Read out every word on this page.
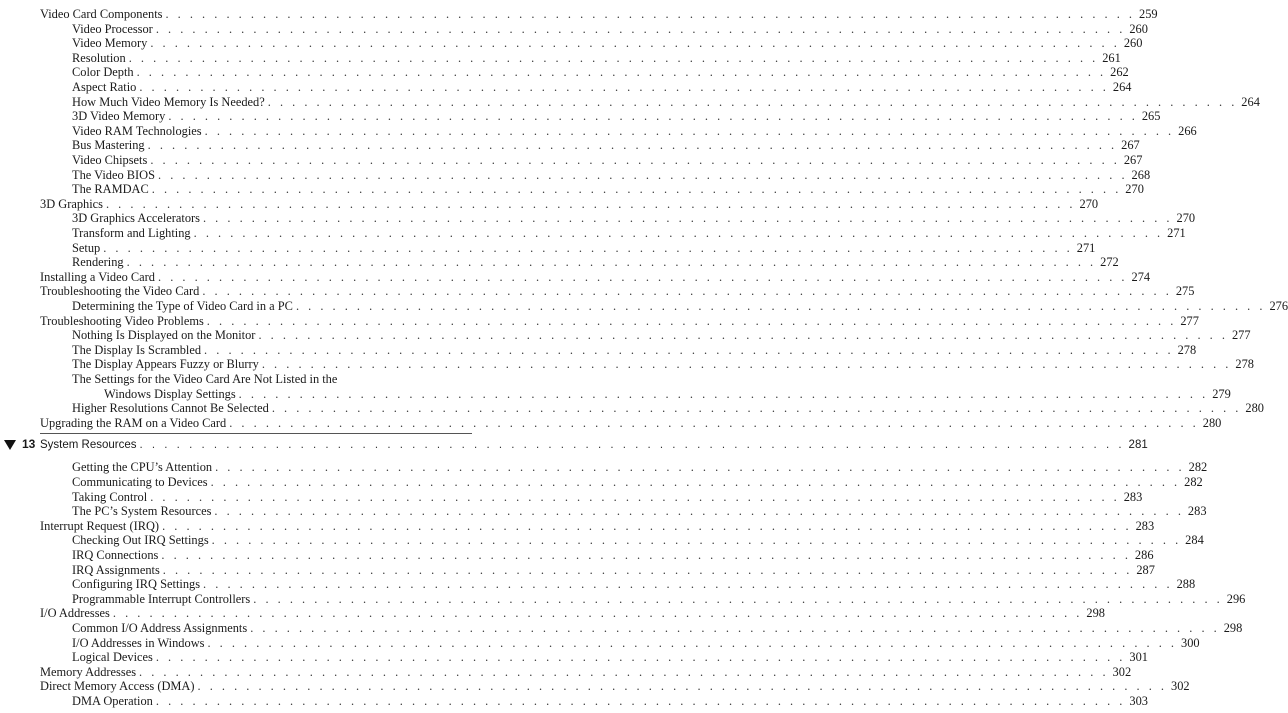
Video Card Components . . . . . . . . . . . . . . . . . . . . . . . . . . . . . . . . . . . . . . . . . . . . . . . . . . . . . . . . . . . . . . . . . . . . . . . . . . . . . . . . 259
Video Processor . . . . . . . . . . . . . . . . . . . . . . . . . . . . . . . . . . . . . . . . . . . . . . . . . . . . . . . . . . . . . . . . . . . . . . . . . . . . . . . . 260
Video Memory . . . . . . . . . . . . . . . . . . . . . . . . . . . . . . . . . . . . . . . . . . . . . . . . . . . . . . . . . . . . . . . . . . . . . . . . . . . . . . . . 260
Resolution . . . . . . . . . . . . . . . . . . . . . . . . . . . . . . . . . . . . . . . . . . . . . . . . . . . . . . . . . . . . . . . . . . . . . . . . . . . . . . . . 261
Color Depth . . . . . . . . . . . . . . . . . . . . . . . . . . . . . . . . . . . . . . . . . . . . . . . . . . . . . . . . . . . . . . . . . . . . . . . . . . . . . . . . 262
Aspect Ratio . . . . . . . . . . . . . . . . . . . . . . . . . . . . . . . . . . . . . . . . . . . . . . . . . . . . . . . . . . . . . . . . . . . . . . . . . . . . . . . . 264
How Much Video Memory Is Needed? . . . . . . . . . . . . . . . . . . . . . . . . . . . . . . . . . . . . . . . . . . . . . . . . . . . . . . . . . . . . . . . . . . . . . . . . . . . . . . . . 264
3D Video Memory . . . . . . . . . . . . . . . . . . . . . . . . . . . . . . . . . . . . . . . . . . . . . . . . . . . . . . . . . . . . . . . . . . . . . . . . . . . . . . . . 265
Video RAM Technologies . . . . . . . . . . . . . . . . . . . . . . . . . . . . . . . . . . . . . . . . . . . . . . . . . . . . . . . . . . . . . . . . . . . . . . . . . . . . . . . . 266
Bus Mastering . . . . . . . . . . . . . . . . . . . . . . . . . . . . . . . . . . . . . . . . . . . . . . . . . . . . . . . . . . . . . . . . . . . . . . . . . . . . . . . . 267
Video Chipsets . . . . . . . . . . . . . . . . . . . . . . . . . . . . . . . . . . . . . . . . . . . . . . . . . . . . . . . . . . . . . . . . . . . . . . . . . . . . . . . . 267
The Video BIOS . . . . . . . . . . . . . . . . . . . . . . . . . . . . . . . . . . . . . . . . . . . . . . . . . . . . . . . . . . . . . . . . . . . . . . . . . . . . . . . . 268
The RAMDAC . . . . . . . . . . . . . . . . . . . . . . . . . . . . . . . . . . . . . . . . . . . . . . . . . . . . . . . . . . . . . . . . . . . . . . . . . . . . . . . . 270
3D Graphics . . . . . . . . . . . . . . . . . . . . . . . . . . . . . . . . . . . . . . . . . . . . . . . . . . . . . . . . . . . . . . . . . . . . . . . . . . . . . . . . 270
3D Graphics Accelerators . . . . . . . . . . . . . . . . . . . . . . . . . . . . . . . . . . . . . . . . . . . . . . . . . . . . . . . . . . . . . . . . . . . . . . . . . . . . . . . . 270
Transform and Lighting . . . . . . . . . . . . . . . . . . . . . . . . . . . . . . . . . . . . . . . . . . . . . . . . . . . . . . . . . . . . . . . . . . . . . . . . . . . . . . . . 271
Setup . . . . . . . . . . . . . . . . . . . . . . . . . . . . . . . . . . . . . . . . . . . . . . . . . . . . . . . . . . . . . . . . . . . . . . . . . . . . . . . . 271
Rendering . . . . . . . . . . . . . . . . . . . . . . . . . . . . . . . . . . . . . . . . . . . . . . . . . . . . . . . . . . . . . . . . . . . . . . . . . . . . . . . . 272
Installing a Video Card . . . . . . . . . . . . . . . . . . . . . . . . . . . . . . . . . . . . . . . . . . . . . . . . . . . . . . . . . . . . . . . . . . . . . . . . . . . . . . . . 274
Troubleshooting the Video Card . . . . . . . . . . . . . . . . . . . . . . . . . . . . . . . . . . . . . . . . . . . . . . . . . . . . . . . . . . . . . . . . . . . . . . . . . . . . . . . . 275
Determining the Type of Video Card in a PC . . . . . . . . . . . . . . . . . . . . . . . . . . . . . . . . . . . . . . . . . . . . . . . . . . . . . . . . . . . . . . . . . . . . . . . . . . . . . . . . 276
Troubleshooting Video Problems . . . . . . . . . . . . . . . . . . . . . . . . . . . . . . . . . . . . . . . . . . . . . . . . . . . . . . . . . . . . . . . . . . . . . . . . . . . . . . . . 277
Nothing Is Displayed on the Monitor . . . . . . . . . . . . . . . . . . . . . . . . . . . . . . . . . . . . . . . . . . . . . . . . . . . . . . . . . . . . . . . . . . . . . . . . . . . . . . . . 277
The Display Is Scrambled . . . . . . . . . . . . . . . . . . . . . . . . . . . . . . . . . . . . . . . . . . . . . . . . . . . . . . . . . . . . . . . . . . . . . . . . . . . . . . . . 278
The Display Appears Fuzzy or Blurry . . . . . . . . . . . . . . . . . . . . . . . . . . . . . . . . . . . . . . . . . . . . . . . . . . . . . . . . . . . . . . . . . . . . . . . . . . . . . . . . 278
The Settings for the Video Card Are Not Listed in the
Windows Display Settings . . . . . . . . . . . . . . . . . . . . . . . . . . . . . . . . . . . . . . . . . . . . . . . . . . . . . . . . . . . . . . . . . . . . . . . . . . . . . . . . 279
Higher Resolutions Cannot Be Selected . . . . . . . . . . . . . . . . . . . . . . . . . . . . . . . . . . . . . . . . . . . . . . . . . . . . . . . . . . . . . . . . . . . . . . . . . . . . . . . . 280
Upgrading the RAM on a Video Card . . . . . . . . . . . . . . . . . . . . . . . . . . . . . . . . . . . . . . . . . . . . . . . . . . . . . . . . . . . . . . . . . . . . . . . . . . . . . . . . 280
System Resources . . . . . . . . . . . . . . . . . . . . . . . . . . . . . . . . . . . . . . . . . . . . . . . . . . . . . . . . . . . . . . . . . . . . . . . . . . . . . . . . 281
13
Getting the CPU’s Attention . . . . . . . . . . . . . . . . . . . . . . . . . . . . . . . . . . . . . . . . . . . . . . . . . . . . . . . . . . . . . . . . . . . . . . . . . . . . . . . . 282
Communicating to Devices . . . . . . . . . . . . . . . . . . . . . . . . . . . . . . . . . . . . . . . . . . . . . . . . . . . . . . . . . . . . . . . . . . . . . . . . . . . . . . . . 282
Taking Control . . . . . . . . . . . . . . . . . . . . . . . . . . . . . . . . . . . . . . . . . . . . . . . . . . . . . . . . . . . . . . . . . . . . . . . . . . . . . . . . 283
The PC’s System Resources . . . . . . . . . . . . . . . . . . . . . . . . . . . . . . . . . . . . . . . . . . . . . . . . . . . . . . . . . . . . . . . . . . . . . . . . . . . . . . . . 283
Interrupt Request (IRQ) . . . . . . . . . . . . . . . . . . . . . . . . . . . . . . . . . . . . . . . . . . . . . . . . . . . . . . . . . . . . . . . . . . . . . . . . . . . . . . . . 283
Checking Out IRQ Settings . . . . . . . . . . . . . . . . . . . . . . . . . . . . . . . . . . . . . . . . . . . . . . . . . . . . . . . . . . . . . . . . . . . . . . . . . . . . . . . . 284
IRQ Connections . . . . . . . . . . . . . . . . . . . . . . . . . . . . . . . . . . . . . . . . . . . . . . . . . . . . . . . . . . . . . . . . . . . . . . . . . . . . . . . . 286
IRQ Assignments . . . . . . . . . . . . . . . . . . . . . . . . . . . . . . . . . . . . . . . . . . . . . . . . . . . . . . . . . . . . . . . . . . . . . . . . . . . . . . . . 287
Configuring IRQ Settings . . . . . . . . . . . . . . . . . . . . . . . . . . . . . . . . . . . . . . . . . . . . . . . . . . . . . . . . . . . . . . . . . . . . . . . . . . . . . . . . 288
Programmable Interrupt Controllers . . . . . . . . . . . . . . . . . . . . . . . . . . . . . . . . . . . . . . . . . . . . . . . . . . . . . . . . . . . . . . . . . . . . . . . . . . . . . . . . 296
I/O Addresses . . . . . . . . . . . . . . . . . . . . . . . . . . . . . . . . . . . . . . . . . . . . . . . . . . . . . . . . . . . . . . . . . . . . . . . . . . . . . . . . 298
Common I/O Address Assignments . . . . . . . . . . . . . . . . . . . . . . . . . . . . . . . . . . . . . . . . . . . . . . . . . . . . . . . . . . . . . . . . . . . . . . . . . . . . . . . . 298
I/O Addresses in Windows . . . . . . . . . . . . . . . . . . . . . . . . . . . . . . . . . . . . . . . . . . . . . . . . . . . . . . . . . . . . . . . . . . . . . . . . . . . . . . . . 300
Logical Devices . . . . . . . . . . . . . . . . . . . . . . . . . . . . . . . . . . . . . . . . . . . . . . . . . . . . . . . . . . . . . . . . . . . . . . . . . . . . . . . . 301
Memory Addresses . . . . . . . . . . . . . . . . . . . . . . . . . . . . . . . . . . . . . . . . . . . . . . . . . . . . . . . . . . . . . . . . . . . . . . . . . . . . . . . . 302
Direct Memory Access (DMA) . . . . . . . . . . . . . . . . . . . . . . . . . . . . . . . . . . . . . . . . . . . . . . . . . . . . . . . . . . . . . . . . . . . . . . . . . . . . . . . . 302
DMA Operation . . . . . . . . . . . . . . . . . . . . . . . . . . . . . . . . . . . . . . . . . . . . . . . . . . . . . . . . . . . . . . . . . . . . . . . . . . . . . . . . 303
